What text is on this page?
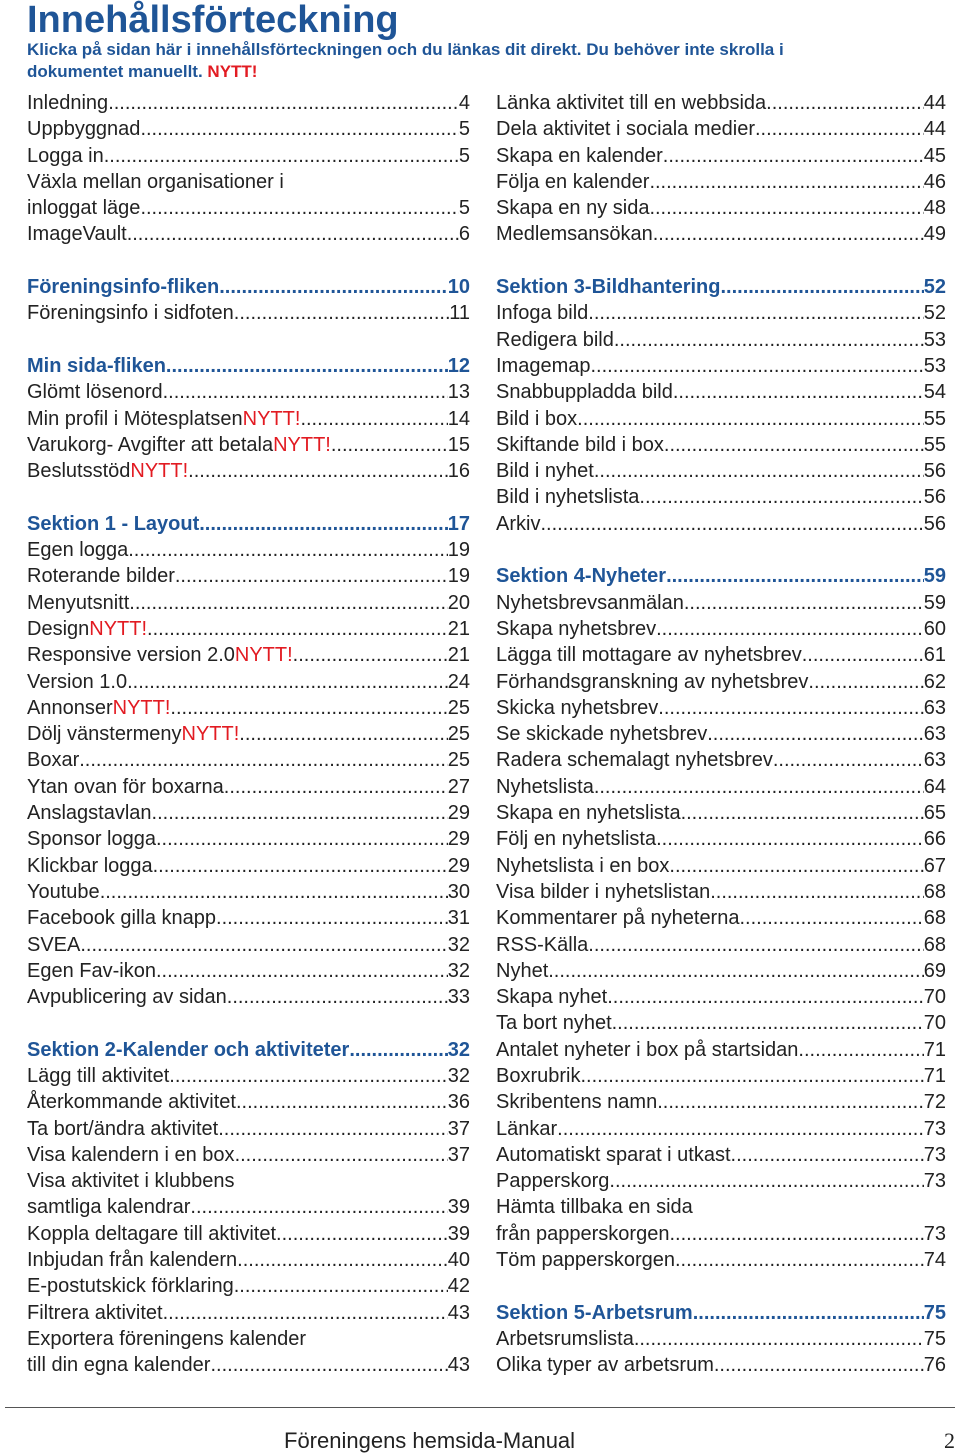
Innehållsförteckning

Klicka på sidan här i innehållsförteckningen och du länkas dit direkt. Du behöver inte skrolla i dokumentet manuellt. NYTT!

Inledning .....	4
Uppbyggnad .....	5
Logga in .....	5
Växla mellan organisationer i
inloggat läge .....	5
ImageVault .....	6
Föreningsinfo-fliken .....	10
Föreningsinfo i sidfoten .....	11
Min sida-fliken .....	12
Glömt lösenord .....	13
Min profil i Mötesplatsen NYTT! .....	14
Varukorg- Avgifter att betala NYTT! .....	15
Beslutsstöd NYTT! .....	16
Sektion 1 - Layout .....	17
Egen logga .....	19
Roterande bilder .....	19
Menyutsnitt .....	20
Design NYTT! .....	21
Responsive version 2.0 NYTT! .....	21
Version 1.0 .....	24
Annonser NYTT! .....	25
Dölj vänstermeny NYTT! .....	25
Boxar .....	25
Ytan ovan för boxarna .....	27
Anslagstavlan .....	29
Sponsor logga .....	29
Klickbar logga .....	29
Youtube .....	30
Facebook gilla knapp .....	31
SVEA .....	32
Egen Fav-ikon .....	32
Avpublicering av sidan .....	33
Sektion 2-Kalender och aktiviteter .....	32
Lägg till aktivitet .....	32
Återkommande aktivitet .....	36
Ta bort/ändra aktivitet .....	37
Visa kalendern i en box .....	37
Visa aktivitet i klubbens
samtliga kalendrar .....	39
Koppla deltagare till aktivitet .....	39
Inbjudan från kalendern .....	40
E-postutskick förklaring .....	42
Filtrera aktivitet .....	43
Exportera föreningens kalender
till din egna kalender .....	43
Länka aktivitet till en webbsida .....	44
Dela aktivitet i sociala medier .....	44
Skapa en kalender .....	45
Följa en kalender .....	46
Skapa en ny sida .....	48
Medlemsansökan .....	49
Sektion 3-Bildhantering .....	52
Infoga bild .....	52
Redigera bild .....	53
Imagemap .....	53
Snabbuppladda bild .....	54
Bild i box .....	55
Skiftande bild i box .....	55
Bild i nyhet .....	56
Bild i nyhetslista .....	56
Arkiv .....	56
Sektion 4-Nyheter .....	59
Nyhetsbrevsanmälan .....	59
Skapa nyhetsbrev .....	60
Lägga till mottagare av nyhetsbrev .....	61
Förhandsgranskning av nyhetsbrev .....	62
Skicka nyhetsbrev .....	63
Se skickade nyhetsbrev .....	63
Radera schemalagt nyhetsbrev .....	63
Nyhetslista .....	64
Skapa en nyhetslista .....	65
Följ en nyhetslista .....	66
Nyhetslista i en box .....	67
Visa bilder i nyhetslistan .....	68
Kommentarer på nyheterna .....	68
RSS-Källa .....	68
Nyhet .....	69
Skapa nyhet .....	70
Ta bort nyhet .....	70
Antalet nyheter i box på startsidan .....	71
Boxrubrik .....	71
Skribentens namn .....	72
Länkar .....	73
Automatiskt sparat i utkast .....	73
Papperskorg .....	73
Hämta tillbaka en sida
från papperskorgen .....	73
Töm papperskorgen .....	74
Sektion 5-Arbetsrum .....	75
Arbetsrumslista .....	75
Olika typer av arbetsrum .....	76
Föreningens hemsida-Manual	2
